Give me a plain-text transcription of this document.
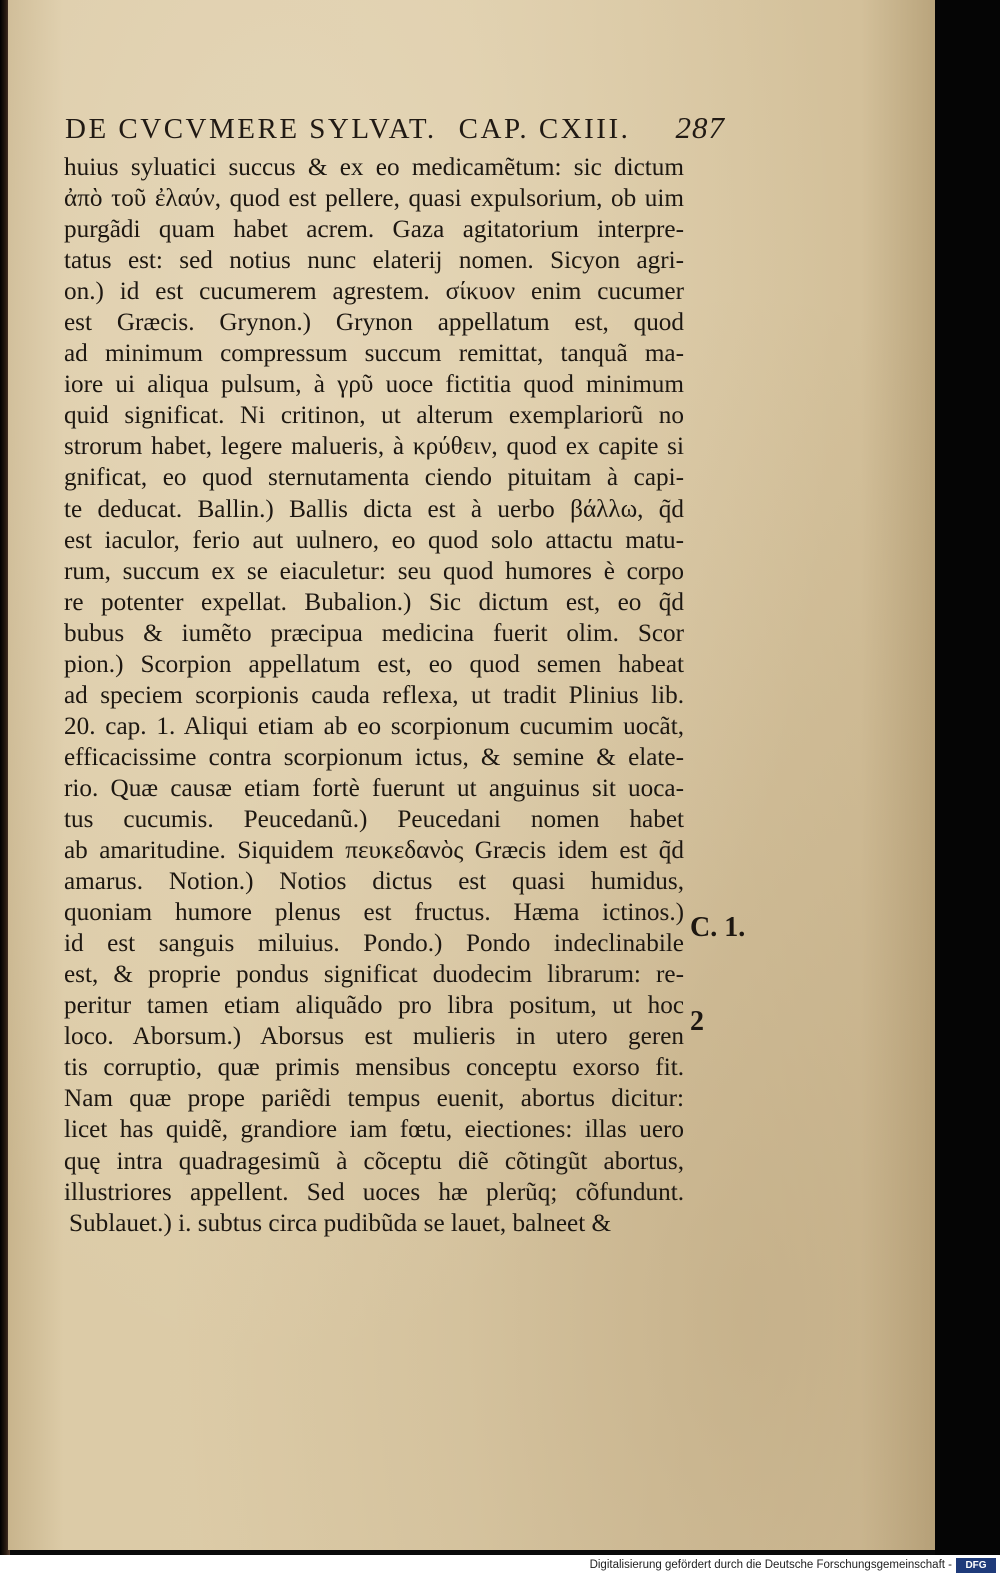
DE CVCVMERE SYLVAT. CAP. CXIII. 287
huius syluatici succus & ex eo medicamẽtum: sic dictum
ἀπὸ τοῦ ἐλαύν, quod est pellere, quasi expulsorium, ob uim
purgãdi quam habet acrem. Gaza agitatorium interpre-
tatus est: sed notius nunc elaterij nomen. Sicyon agri-
on.) id est cucumerem agrestem. σίκυον enim cucumer
est Græcis. Grynon.) Grynon appellatum est, quod
ad minimum compressum succum remittat, tanquã ma-
iore ui aliqua pulsum, à γρῦ uoce fictitia quod minimum
quid significat. Ni critinon, ut alterum exemplariorũ no
strorum habet, legere malueris, à κρύθειν, quod ex capite si
gnificat, eo quod sternutamenta ciendo pituitam à capi-
te deducat. Ballin.) Ballis dicta est à uerbo βάλλω, q̃d
est iaculor, ferio aut uulnero, eo quod solo attactu matu-
rum, succum ex se eiaculetur: seu quod humores è corpo
re potenter expellat. Bubalion.) Sic dictum est, eo q̃d
bubus & iumẽto præcipua medicina fuerit olim. Scor
pion.) Scorpion appellatum est, eo quod semen habeat
ad speciem scorpionis cauda reflexa, ut tradit Plinius lib.
20. cap. 1. Aliqui etiam ab eo scorpionum cucumim uocãt,
efficacissime contra scorpionum ictus, & semine & elate-
rio. Quæ causæ etiam fortè fuerunt ut anguinus sit uoca-
tus cucumis. Peucedanũ.) Peucedani nomen habet
ab amaritudine. Siquidem πευκεδανὸς Græcis idem est q̃d
amarus. Notion.) Notios dictus est quasi humidus,
quoniam humore plenus est fructus. Hæma ictinos.)
id est sanguis miluius. Pondo.) Pondo indeclinabile
est, & proprie pondus significat duodecim librarum: re-
peritur tamen etiam aliquãdo pro libra positum, ut hoc
loco. Aborsum.) Aborsus est mulieris in utero geren
tis corruptio, quæ primis mensibus conceptu exorso fit.
Nam quæ prope pariẽdi tempus euenit, abortus dicitur:
licet has quidẽ, grandiore iam fœtu, eiectiones: illas uero
quę intra quadragesimũ à cõceptu diẽ cõtingũt abortus,
illustriores appellent. Sed uoces hæ plerũq; cõfundunt.
Sublauet.) i. subtus circa pudibũda se lauet, balneet &
C. 1.
2
Digitalisierung gefördert durch die Deutsche Forschungsgemeinschaft -	DFG
